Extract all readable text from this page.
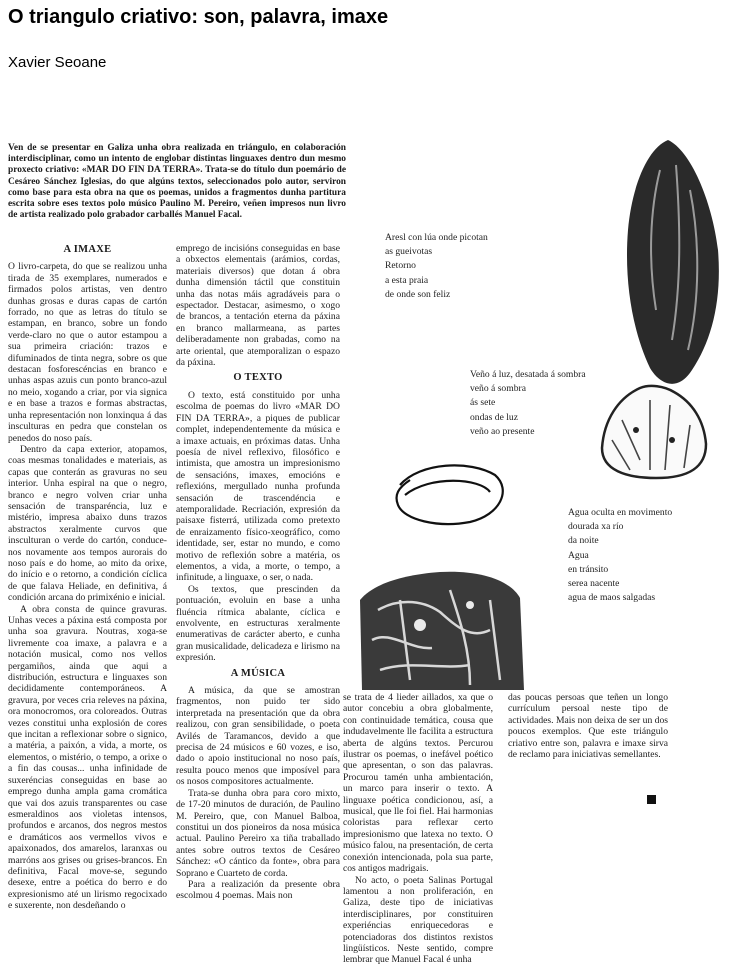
O triangulo criativo: son, palavra, imaxe
Xavier Seoane

Ven de se presentar en Galiza unha obra realizada en triángulo, en colaboración interdisciplinar, como un intento de englobar distintas linguaxes dentro dun mesmo proxecto criativo: «MAR DO FIN DA TERRA». Trata-se do título dun poemário de Cesáreo Sánchez Iglesias, do que algúns textos, seleccionados polo autor, serviron como base para esta obra na que os poemas, unidos a fragmentos dunha partitura escrita sobre eses textos polo músico Paulino M. Pereiro, veñen impresos nun livro de artista realizado polo grabador carballés Manuel Facal.

A IMAXE

O livro-carpeta, do que se realizou unha tirada de 35 exemplares, numerados e firmados polos artistas, ven dentro dunhas grosas e duras capas de cartón forrado, no que as letras do título se estampan, en branco, sobre un fondo verde-claro no que o autor estampou a sua primeira criación: trazos e difuminados de tinta negra, sobre os que destacan fosforescéncias en branco e unhas aspas azuis cun ponto branco-azul no meio, xogando a criar, por via signica e en base a trazos e formas abstractas, unha representación non lonxinqua á das insculturas en pedra que constelan os penedos do noso país.

Dentro da capa exterior, atopamos, coas mesmas tonalidades e materiais, as capas que conterán as gravuras no seu interior. Unha espiral na que o negro, branco e negro volven criar unha sensación de transparéncia, luz e mistério, impresa abaixo duns trazos abstractos xeralmente curvos que insculturan o verde do cartón, conduce-nos novamente aos tempos aurorais do noso país e do home, ao mito da orixe, do início e o retorno, a condición cíclica de que falava Heliade, en definitiva, á condición arcana do primixénio e inicial.

A obra consta de quince gravuras. Unhas veces a páxina está composta por unha soa gravura. Noutras, xoga-se livremente coa imaxe, a palavra e a notación musical, como nos vellos pergamiños, ainda que aqui a distribución, estructura e linguaxes son decididamente contemporáneos. A gravura, por veces cria releves na páxina, ora monocromos, ora coloreados. Outras vezes constitui unha explosión de cores que incitan a reflexionar sobre o signico, a matéria, a paixón, a vida, a morte, os elementos, o mistério, o tempo, a orixe o a fin das cousas... unha infinidade de suxeréncias conseguidas en base ao emprego dunha ampla gama cromática que vai dos azuis transparentes ou case esmeraldinos aos violetas intensos, profundos e arcanos, dos negros mestos e dramáticos aos vermellos vivos e apaixonados, dos amarelos, laranxas ou marróns aos grises ou grises-brancos. En definitiva, Facal move-se, segundo desexe, entre a poética do berro e do expresionismo até un lirismo regocixado e suxerente, non desdeñando o

emprego de incisións conseguidas en base a obxectos elementais (arámios, cordas, materiais diversos) que dotan á obra dunha dimensión táctil que constituin unha das notas máis agradáveis para o espectador. Destacar, asimesmo, o xogo de brancos, a tentación eterna da páxina en branco mallarmeana, as partes deliberadamente non grabadas, como na arte oriental, que atemporalizan o espazo da páxina.

O TEXTO

O texto, está constituido por unha escolma de poemas do livro «MAR DO FIN DA TERRA», a piques de publicar complet, independentemente da música e a imaxe actuais, en próximas datas. Unha poesía de nivel reflexivo, filosófico e intimista, que amostra un impresionismo de sensacións, imaxes, emocións e reflexións, mergullado nunha profunda sensación de trascendéncia e atemporalidade. Recriación, expresión da paisaxe fisterrá, utilizada como pretexto de enraizamento físico-xeográfico, como identidade, ser, estar no mundo, e como motivo de reflexión sobre a matéria, os elementos, a vida, a morte, o tempo, a infinitude, a linguaxe, o ser, o nada.

Os textos, que prescinden da pontuación, evoluin en base a unha fluéncia rítmica abalante, cíclica e envolvente, en estructuras xeralmente enumerativas de carácter aberto, e cunha gran musicalidade, delicadeza e lirismo na expresión.

A MÚSICA

A música, da que se amostran fragmentos, non puido ter sido interpretada na presentación que da obra realizou, con gran sensibilidade, o poeta Avilés de Taramancos, devido a que precisa de 24 músicos e 60 vozes, e iso, dado o apoio institucional no noso país, resulta pouco menos que imposível para os nosos compositores actualmente.

Trata-se dunha obra para coro mixto, de 17-20 minutos de duración, de Paulino M. Pereiro, que, con Manuel Balboa, constitui un dos pioneiros da nosa música actual. Paulino Pereiro xa tiña traballado antes sobre outros textos de Cesáreo Sánchez: «O cántico da fonte», obra para Soprano e Cuarteto de corda.

Para a realización da presente obra escolmou 4 poemas. Mais non

se trata de 4 lieder aillados, xa que o autor concebiu a obra globalmente, con continuidade temática, cousa que indudavelmente lle facilita a estructura aberta de algúns textos. Percurou ilustrar os poemas, o inefável poético que apresentan, o son das palavras. Procurou tamén unha ambientación, un marco para inserir o texto. A linguaxe poética condicionou, así, a musical, que lle foi fiel. Hai harmonias coloristas para reflexar certo impresionismo que latexa no texto. O músico falou, na presentación, de certa conexión intencionada, pola sua parte, cos antigos madrigais.

No acto, o poeta Salinas Portugal lamentou a non proliferación, en Galiza, deste tipo de iniciativas interdisciplinares, por constituiren experiéncias enriquecedoras e potenciadoras dos distintos rexistos lingüísticos. Neste sentido, compre lembrar que Manuel Facal é unha

das poucas persoas que teñen un longo currículum persoal neste tipo de actividades. Mais non deixa de ser un dos poucos exemplos. Que este triángulo criativo entre son, palavra e imaxe sirva de reclamo para iniciativas semellantes.

Aresl con lúa onde picotan
as gueivotas
Retorno
a esta praia
de onde son feliz
Veño á luz, desatada á sombra
veño á sombra
ás sete
ondas de luz
veño ao presente
Agua oculta en movimento
dourada xa río
da noite
Agua
en tránsito
serea nacente
agua de maos salgadas
